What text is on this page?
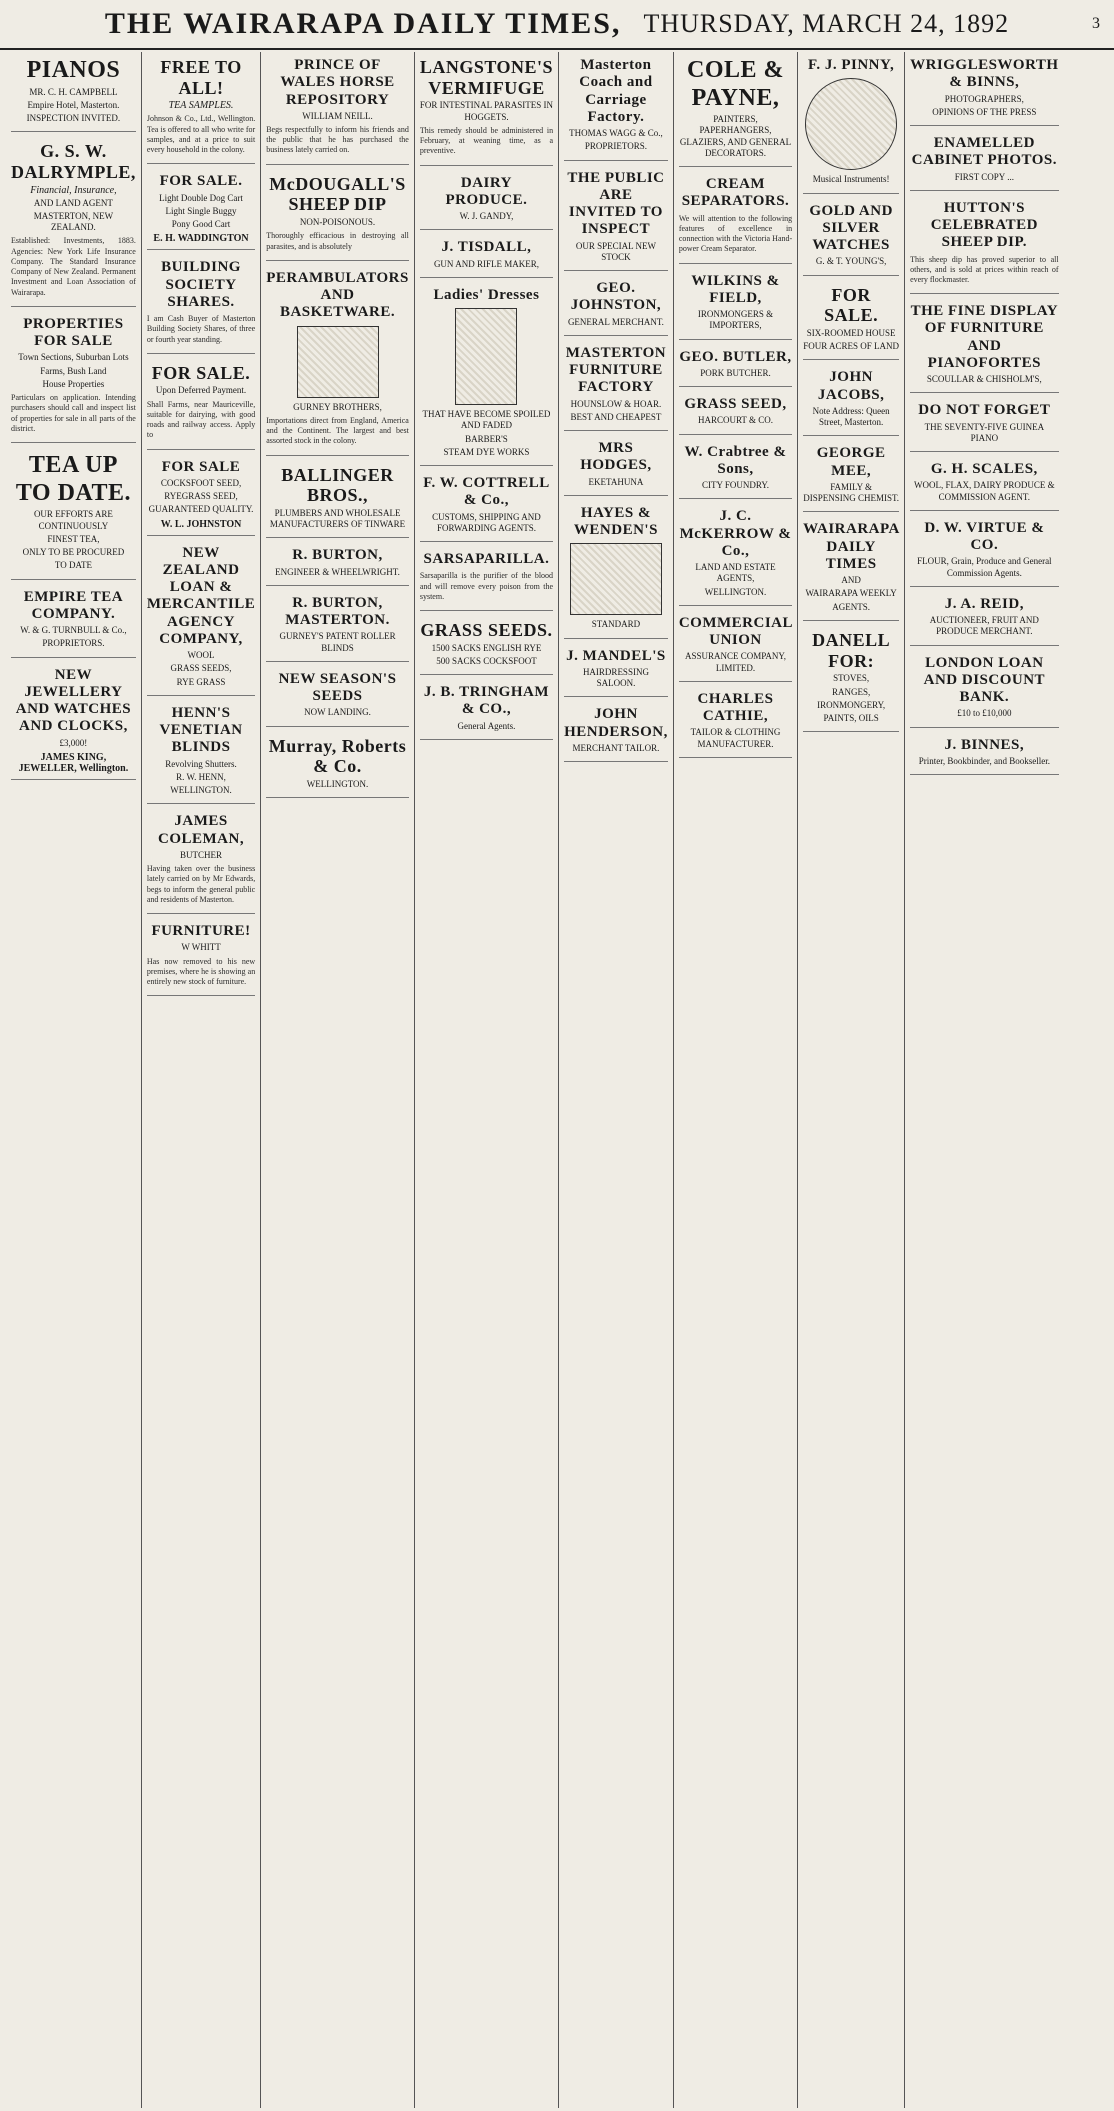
THE WAIRARAPA DAILY TIMES, THURSDAY, MARCH 24, 1892	3
PIANOS
MR. C. H. CAMPBELL
Empire Hotel, Masterton.
INSPECTION INVITED.
G. S. W. DALRYMPLE,
Financial, Insurance,
AND LAND AGENT
MASTERTON, NEW ZEALAND.
Established: Investments, 1883. Agencies: New York Life Insurance Company. The Standard Insurance Company of New Zealand. Permanent Investment and Loan Association of Wairarapa.
PROPERTIES FOR SALE
Town Sections, Suburban Lots
Farms, Bush Land
House Properties
Particulars on application. Intending purchasers should call and inspect list of properties for sale in all parts of the district.
TEA UP TO DATE.
OUR EFFORTS ARE CONTINUOUSLY
FINEST TEA,
ONLY TO BE PROCURED
TO DATE
EMPIRE TEA COMPANY.
W. & G. TURNBULL & Co.,
PROPRIETORS.
NEW JEWELLERY AND WATCHES AND CLOCKS,
£3,000!
JAMES KING, JEWELLER, Wellington.
FREE TO ALL!
TEA SAMPLES.
Johnson & Co., Ltd., Wellington. Tea is offered to all who write for samples, and at a price to suit every household in the colony.
FOR SALE.
Light Double Dog Cart
Light Single Buggy
Pony Good Cart
E. H. WADDINGTON
BUILDING SOCIETY SHARES.
I am Cash Buyer of Masterton Building Society Shares, of three or fourth year standing.
FOR SALE.
Upon Deferred Payment.
Shall Farms, near Mauriceville, suitable for dairying, with good roads and railway access. Apply to
FOR SALE
COCKSFOOT SEED,
RYEGRASS SEED,
GUARANTEED QUALITY.
W. L. JOHNSTON
NEW ZEALAND LOAN & MERCANTILE AGENCY COMPANY,
WOOL
GRASS SEEDS,
RYE GRASS
HENN'S VENETIAN BLINDS
Revolving Shutters.
R. W. HENN,
WELLINGTON.
JAMES COLEMAN,
BUTCHER
Having taken over the business lately carried on by Mr Edwards, begs to inform the general public and residents of Masterton.
FURNITURE!
W WHITT
Has now removed to his new premises, where he is showing an entirely new stock of furniture.
PRINCE OF WALES HORSE REPOSITORY
WILLIAM NEILL.
Begs respectfully to inform his friends and the public that he has purchased the business lately carried on.
McDOUGALL'S SHEEP DIP
NON-POISONOUS.
Thoroughly efficacious in destroying all parasites, and is absolutely
PERAMBULATORS AND BASKETWARE.
GURNEY BROTHERS,
Importations direct from England, America and the Continent. The largest and best assorted stock in the colony.
BALLINGER BROS.,
PLUMBERS AND WHOLESALE MANUFACTURERS OF TINWARE
R. BURTON,
ENGINEER & WHEELWRIGHT.
R. BURTON, MASTERTON.
GURNEY'S PATENT ROLLER BLINDS
NEW SEASON'S SEEDS
NOW LANDING.
Murray, Roberts & Co.
WELLINGTON.
LANGSTONE'S VERMIFUGE
FOR INTESTINAL PARASITES IN HOGGETS.
This remedy should be administered in February, at weaning time, as a preventive.
DAIRY PRODUCE.
W. J. GANDY,
J. TISDALL,
GUN AND RIFLE MAKER,
Ladies' Dresses
THAT HAVE BECOME SPOILED AND FADED
BARBER'S
STEAM DYE WORKS
F. W. COTTRELL & Co.,
CUSTOMS, SHIPPING AND FORWARDING AGENTS.
SARSAPARILLA.
Sarsaparilla is the purifier of the blood and will remove every poison from the system.
GRASS SEEDS.
1500 SACKS ENGLISH RYE
500 SACKS COCKSFOOT
J. B. TRINGHAM & CO.,
General Agents.
Masterton Coach and Carriage Factory.
THOMAS WAGG & Co.,
PROPRIETORS.
THE PUBLIC ARE INVITED TO INSPECT
OUR SPECIAL NEW STOCK
GEO. JOHNSTON,
GENERAL MERCHANT.
MASTERTON FURNITURE FACTORY
HOUNSLOW & HOAR.
BEST AND CHEAPEST
MRS HODGES,
EKETAHUNA
HAYES & WENDEN'S
STANDARD
J. MANDEL'S
HAIRDRESSING SALOON.
JOHN HENDERSON,
MERCHANT TAILOR.
COLE & PAYNE,
PAINTERS, PAPERHANGERS, GLAZIERS, AND GENERAL DECORATORS.
CREAM SEPARATORS.
We will attention to the following features of excellence in connection with the Victoria Hand-power Cream Separator.
WILKINS & FIELD,
IRONMONGERS & IMPORTERS,
GEO. BUTLER,
PORK BUTCHER.
GRASS SEED,
HARCOURT & CO.
W. Crabtree & Sons,
CITY FOUNDRY.
J. C. McKERROW & Co.,
LAND AND ESTATE AGENTS,
WELLINGTON.
COMMERCIAL UNION
ASSURANCE COMPANY, LIMITED.
CHARLES CATHIE,
TAILOR & CLOTHING MANUFACTURER.
F. J. PINNY,
Musical Instruments!
GOLD AND SILVER WATCHES
G. & T. YOUNG'S,
FOR SALE.
SIX-ROOMED HOUSE
FOUR ACRES OF LAND
JOHN JACOBS,
Note Address: Queen Street, Masterton.
GEORGE MEE,
FAMILY & DISPENSING CHEMIST.
WAIRARAPA DAILY TIMES
AND
WAIRARAPA WEEKLY
AGENTS.
DANELL FOR:
STOVES,
RANGES,
IRONMONGERY,
PAINTS, OILS
WRIGGLESWORTH & BINNS,
PHOTOGRAPHERS,
OPINIONS OF THE PRESS
ENAMELLED CABINET PHOTOS.
FIRST COPY ...
HUTTON'S CELEBRATED SHEEP DIP.
This sheep dip has proved superior to all others, and is sold at prices within reach of every flockmaster.
THE FINE DISPLAY OF FURNITURE AND PIANOFORTES
SCOULLAR & CHISHOLM'S,
DO NOT FORGET
THE SEVENTY-FIVE GUINEA PIANO
G. H. SCALES,
WOOL, FLAX, DAIRY PRODUCE & COMMISSION AGENT.
D. W. VIRTUE & CO.
FLOUR, Grain, Produce and General Commission Agents.
J. A. REID,
AUCTIONEER, FRUIT AND PRODUCE MERCHANT.
LONDON LOAN AND DISCOUNT BANK.
£10 to £10,000
J. BINNES,
Printer, Bookbinder, and Bookseller.
